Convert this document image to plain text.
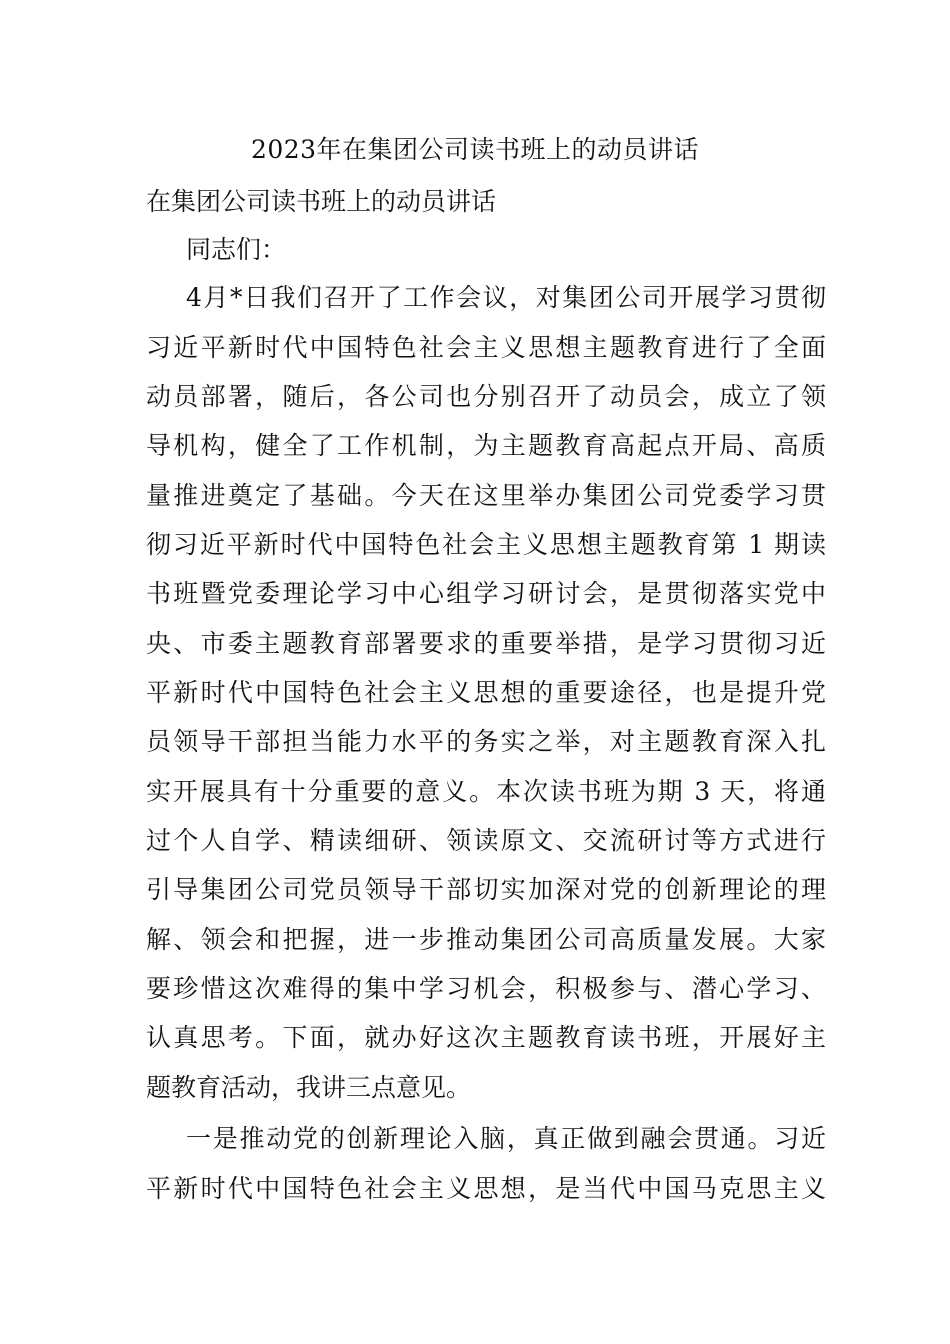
2023年在集团公司读书班上的动员讲话

在集团公司读书班上的动员讲话

同志们：

4月*日我们召开了工作会议，对集团公司开展学习贯彻

习近平新时代中国特色社会主义思想主题教育进行了全面

动员部署，随后，各公司也分别召开了动员会，成立了领

导机构，健全了工作机制，为主题教育高起点开局、高质

量推进奠定了基础。今天在这里举办集团公司党委学习贯

彻习近平新时代中国特色社会主义思想主题教育第 1 期读

书班暨党委理论学习中心组学习研讨会，是贯彻落实党中

央、市委主题教育部署要求的重要举措，是学习贯彻习近

平新时代中国特色社会主义思想的重要途径，也是提升党

员领导干部担当能力水平的务实之举，对主题教育深入扎

实开展具有十分重要的意义。本次读书班为期 3 天，将通

过个人自学、精读细研、领读原文、交流研讨等方式进行

引导集团公司党员领导干部切实加深对党的创新理论的理

解、领会和把握，进一步推动集团公司高质量发展。大家

要珍惜这次难得的集中学习机会，积极参与、潜心学习、

认真思考。下面，就办好这次主题教育读书班，开展好主

题教育活动，我讲三点意见。

一是推动党的创新理论入脑，真正做到融会贯通。习近

平新时代中国特色社会主义思想，是当代中国马克思主义
